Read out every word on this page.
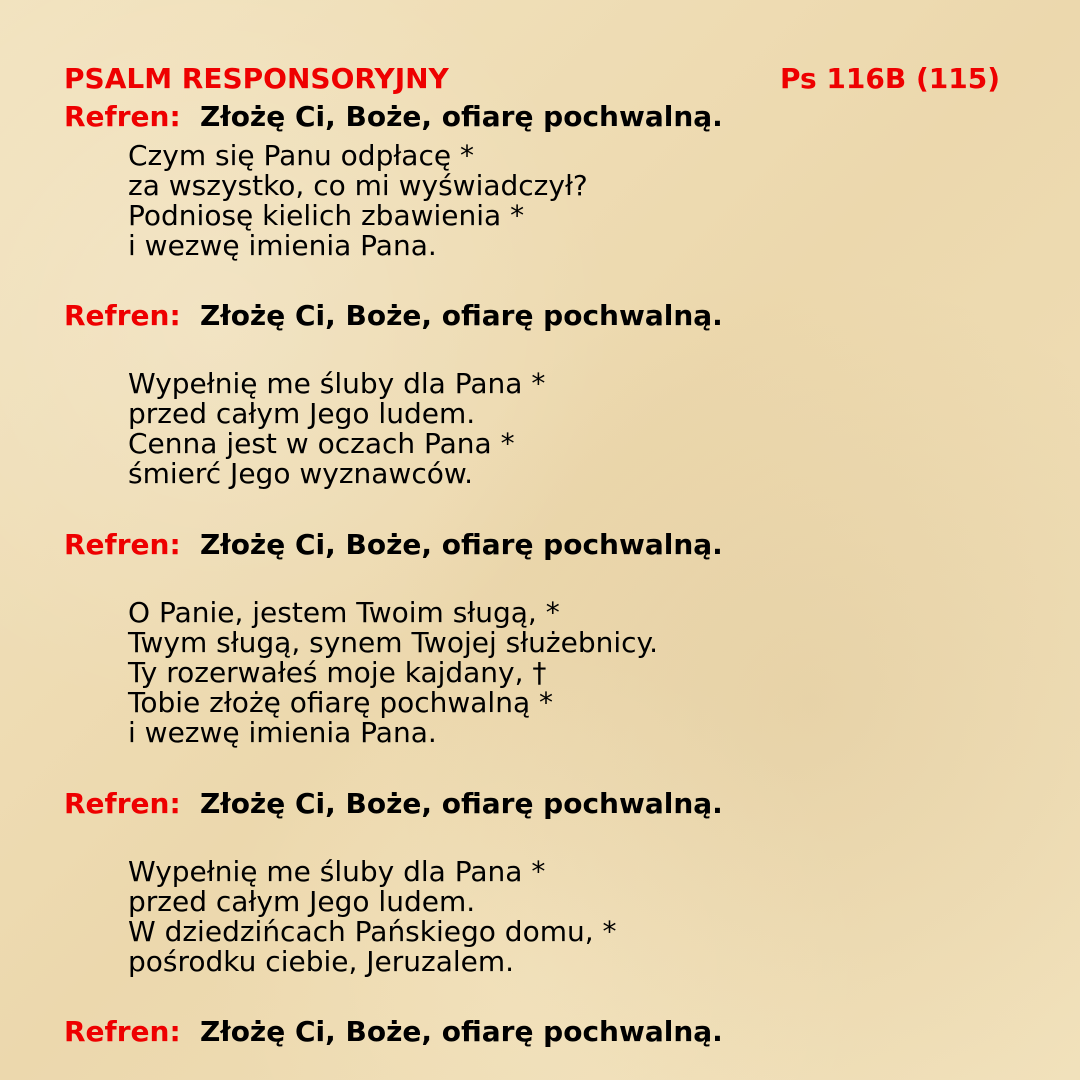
PSALM RESPONSORYJNY	Ps 116B (115)
Refren: Złożę Ci, Boże, ofiarę pochwalną.
Czym się Panu odpłacę *
za wszystko, co mi wyświadczył?
Podniosę kielich zbawienia *
i wezwę imienia Pana.
Refren: Złożę Ci, Boże, ofiarę pochwalną.
Wypełnię me śluby dla Pana *
przed całym Jego ludem.
Cenna jest w oczach Pana *
śmierć Jego wyznawców.
Refren: Złożę Ci, Boże, ofiarę pochwalną.
O Panie, jestem Twoim sługą, *
Twym sługą, synem Twojej służebnicy.
Ty rozerwałeś moje kajdany, †
Tobie złożę ofiarę pochwalną *
i wezwę imienia Pana.
Refren: Złożę Ci, Boże, ofiarę pochwalną.
Wypełnię me śluby dla Pana *
przed całym Jego ludem.
W dziedzińcach Pańskiego domu, *
pośrodku ciebie, Jeruzalem.
Refren: Złożę Ci, Boże, ofiarę pochwalną.
